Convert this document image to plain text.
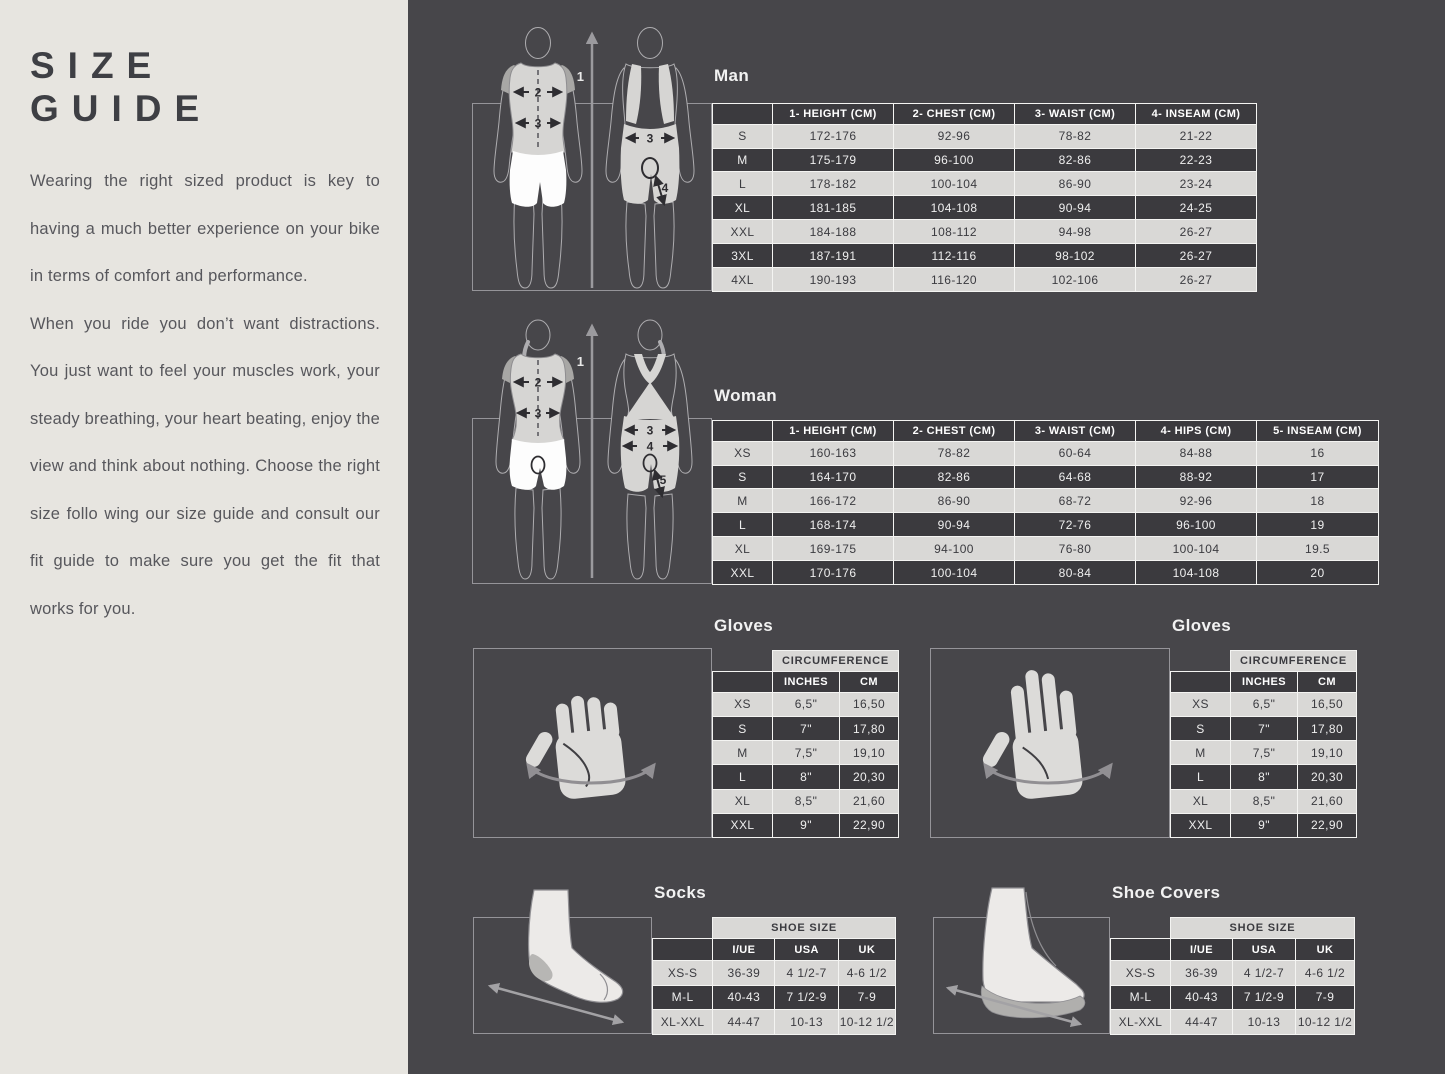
SIZE
GUIDE

Wearing the right sized product is key to having a much better experience on your bike in terms of comfort and performance.

When you ride you don’t want distractions. You just want to feel your muscles work, your steady breathing, your heart beating, enjoy the view and think about nothing. Choose the right size follo wing our size guide and consult our fit guide to make sure you get the fit that works for you.

Man
1
2
3
3
4
	1- HEIGHT (CM)	2- CHEST (CM)	3- WAIST (CM)	4- INSEAM (CM)
S	172-176	92-96	78-82	21-22
M	175-179	96-100	82-86	22-23
L	178-182	100-104	86-90	23-24
XL	181-185	104-108	90-94	24-25
XXL	184-188	108-112	94-98	26-27
3XL	187-191	112-116	98-102	26-27
4XL	190-193	116-120	102-106	26-27
Woman
1
2
3
3
4
5
	1- HEIGHT (CM)	2- CHEST (CM)	3- WAIST (CM)	4- HIPS (CM)	5- INSEAM (CM)
XS	160-163	78-82	60-64	84-88	16
S	164-170	82-86	64-68	88-92	17
M	166-172	86-90	68-72	92-96	18
L	168-174	90-94	72-76	96-100	19
XL	169-175	94-100	76-80	100-104	19.5
XXL	170-176	100-104	80-84	104-108	20
Gloves
	CIRCUMFERENCE	
	INCHES	CM
XS	6,5"	16,50
S	7"	17,80
M	7,5"	19,10
L	8"	20,30
XL	8,5"	21,60
XXL	9"	22,90
Gloves
	CIRCUMFERENCE	
	INCHES	CM
XS	6,5"	16,50
S	7"	17,80
M	7,5"	19,10
L	8"	20,30
XL	8,5"	21,60
XXL	9"	22,90
Socks
	SHOE SIZE		
	I/UE	USA	UK
XS-S	36-39	4 1/2-7	4-6 1/2
M-L	40-43	7 1/2-9	7-9
XL-XXL	44-47	10-13	10-12 1/2
Shoe Covers
	SHOE SIZE		
	I/UE	USA	UK
XS-S	36-39	4 1/2-7	4-6 1/2
M-L	40-43	7 1/2-9	7-9
XL-XXL	44-47	10-13	10-12 1/2
